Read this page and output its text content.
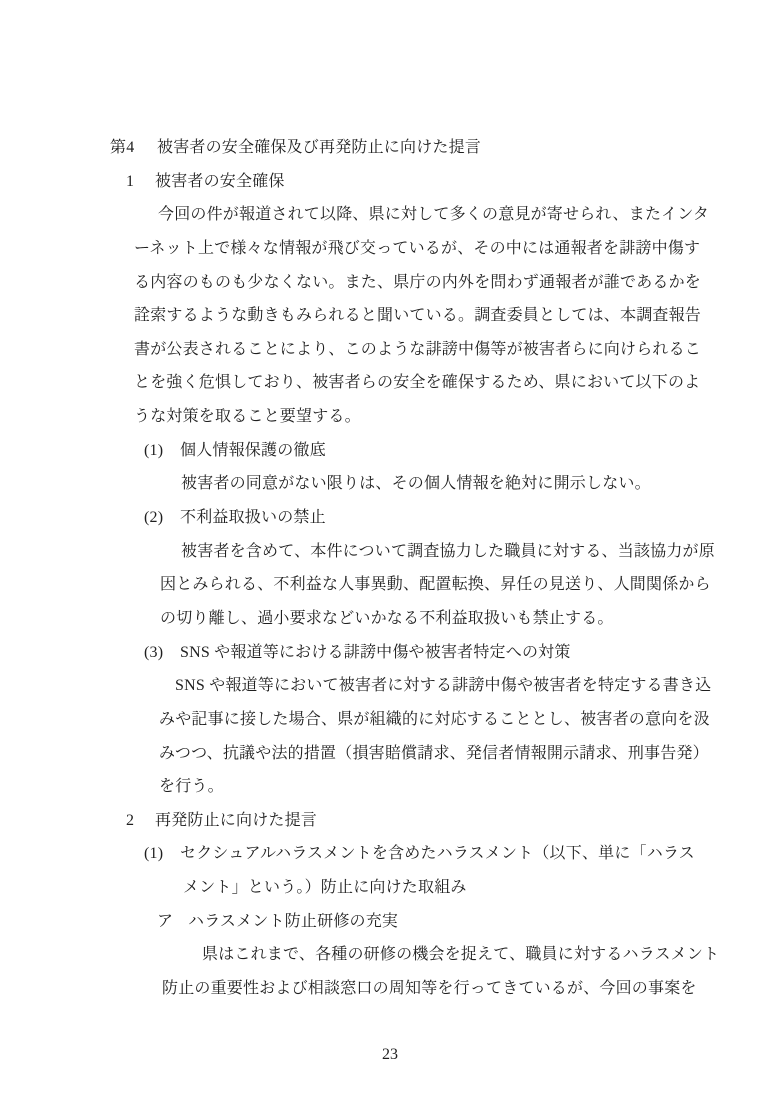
第4 被害者の安全確保及び再発防止に向けた提言
1 被害者の安全確保
今回の件が報道されて以降、県に対して多くの意見が寄せられ、またインタ
ーネット上で様々な情報が飛び交っているが、その中には通報者を誹謗中傷す
る内容のものも少なくない。また、県庁の内外を問わず通報者が誰であるかを
詮索するような動きもみられると聞いている。調査委員としては、本調査報告
書が公表されることにより、このような誹謗中傷等が被害者らに向けられるこ
とを強く危惧しており、被害者らの安全を確保するため、県において以下のよ
うな対策を取ること要望する。
(1) 個人情報保護の徹底
被害者の同意がない限りは、その個人情報を絶対に開示しない。
(2) 不利益取扱いの禁止
被害者を含めて、本件について調査協力した職員に対する、当該協力が原
因とみられる、不利益な人事異動、配置転換、昇任の見送り、人間関係から
の切り離し、過小要求などいかなる不利益取扱いも禁止する。
(3) SNS や報道等における誹謗中傷や被害者特定への対策
SNS や報道等において被害者に対する誹謗中傷や被害者を特定する書き込
みや記事に接した場合、県が組織的に対応することとし、被害者の意向を汲
みつつ、抗議や法的措置（損害賠償請求、発信者情報開示請求、刑事告発）
を行う。
2 再発防止に向けた提言
(1) セクシュアルハラスメントを含めたハラスメント（以下、単に「ハラス
メント」という。）防止に向けた取組み
ア ハラスメント防止研修の充実
県はこれまで、各種の研修の機会を捉えて、職員に対するハラスメント
防止の重要性および相談窓口の周知等を行ってきているが、今回の事案を
23
